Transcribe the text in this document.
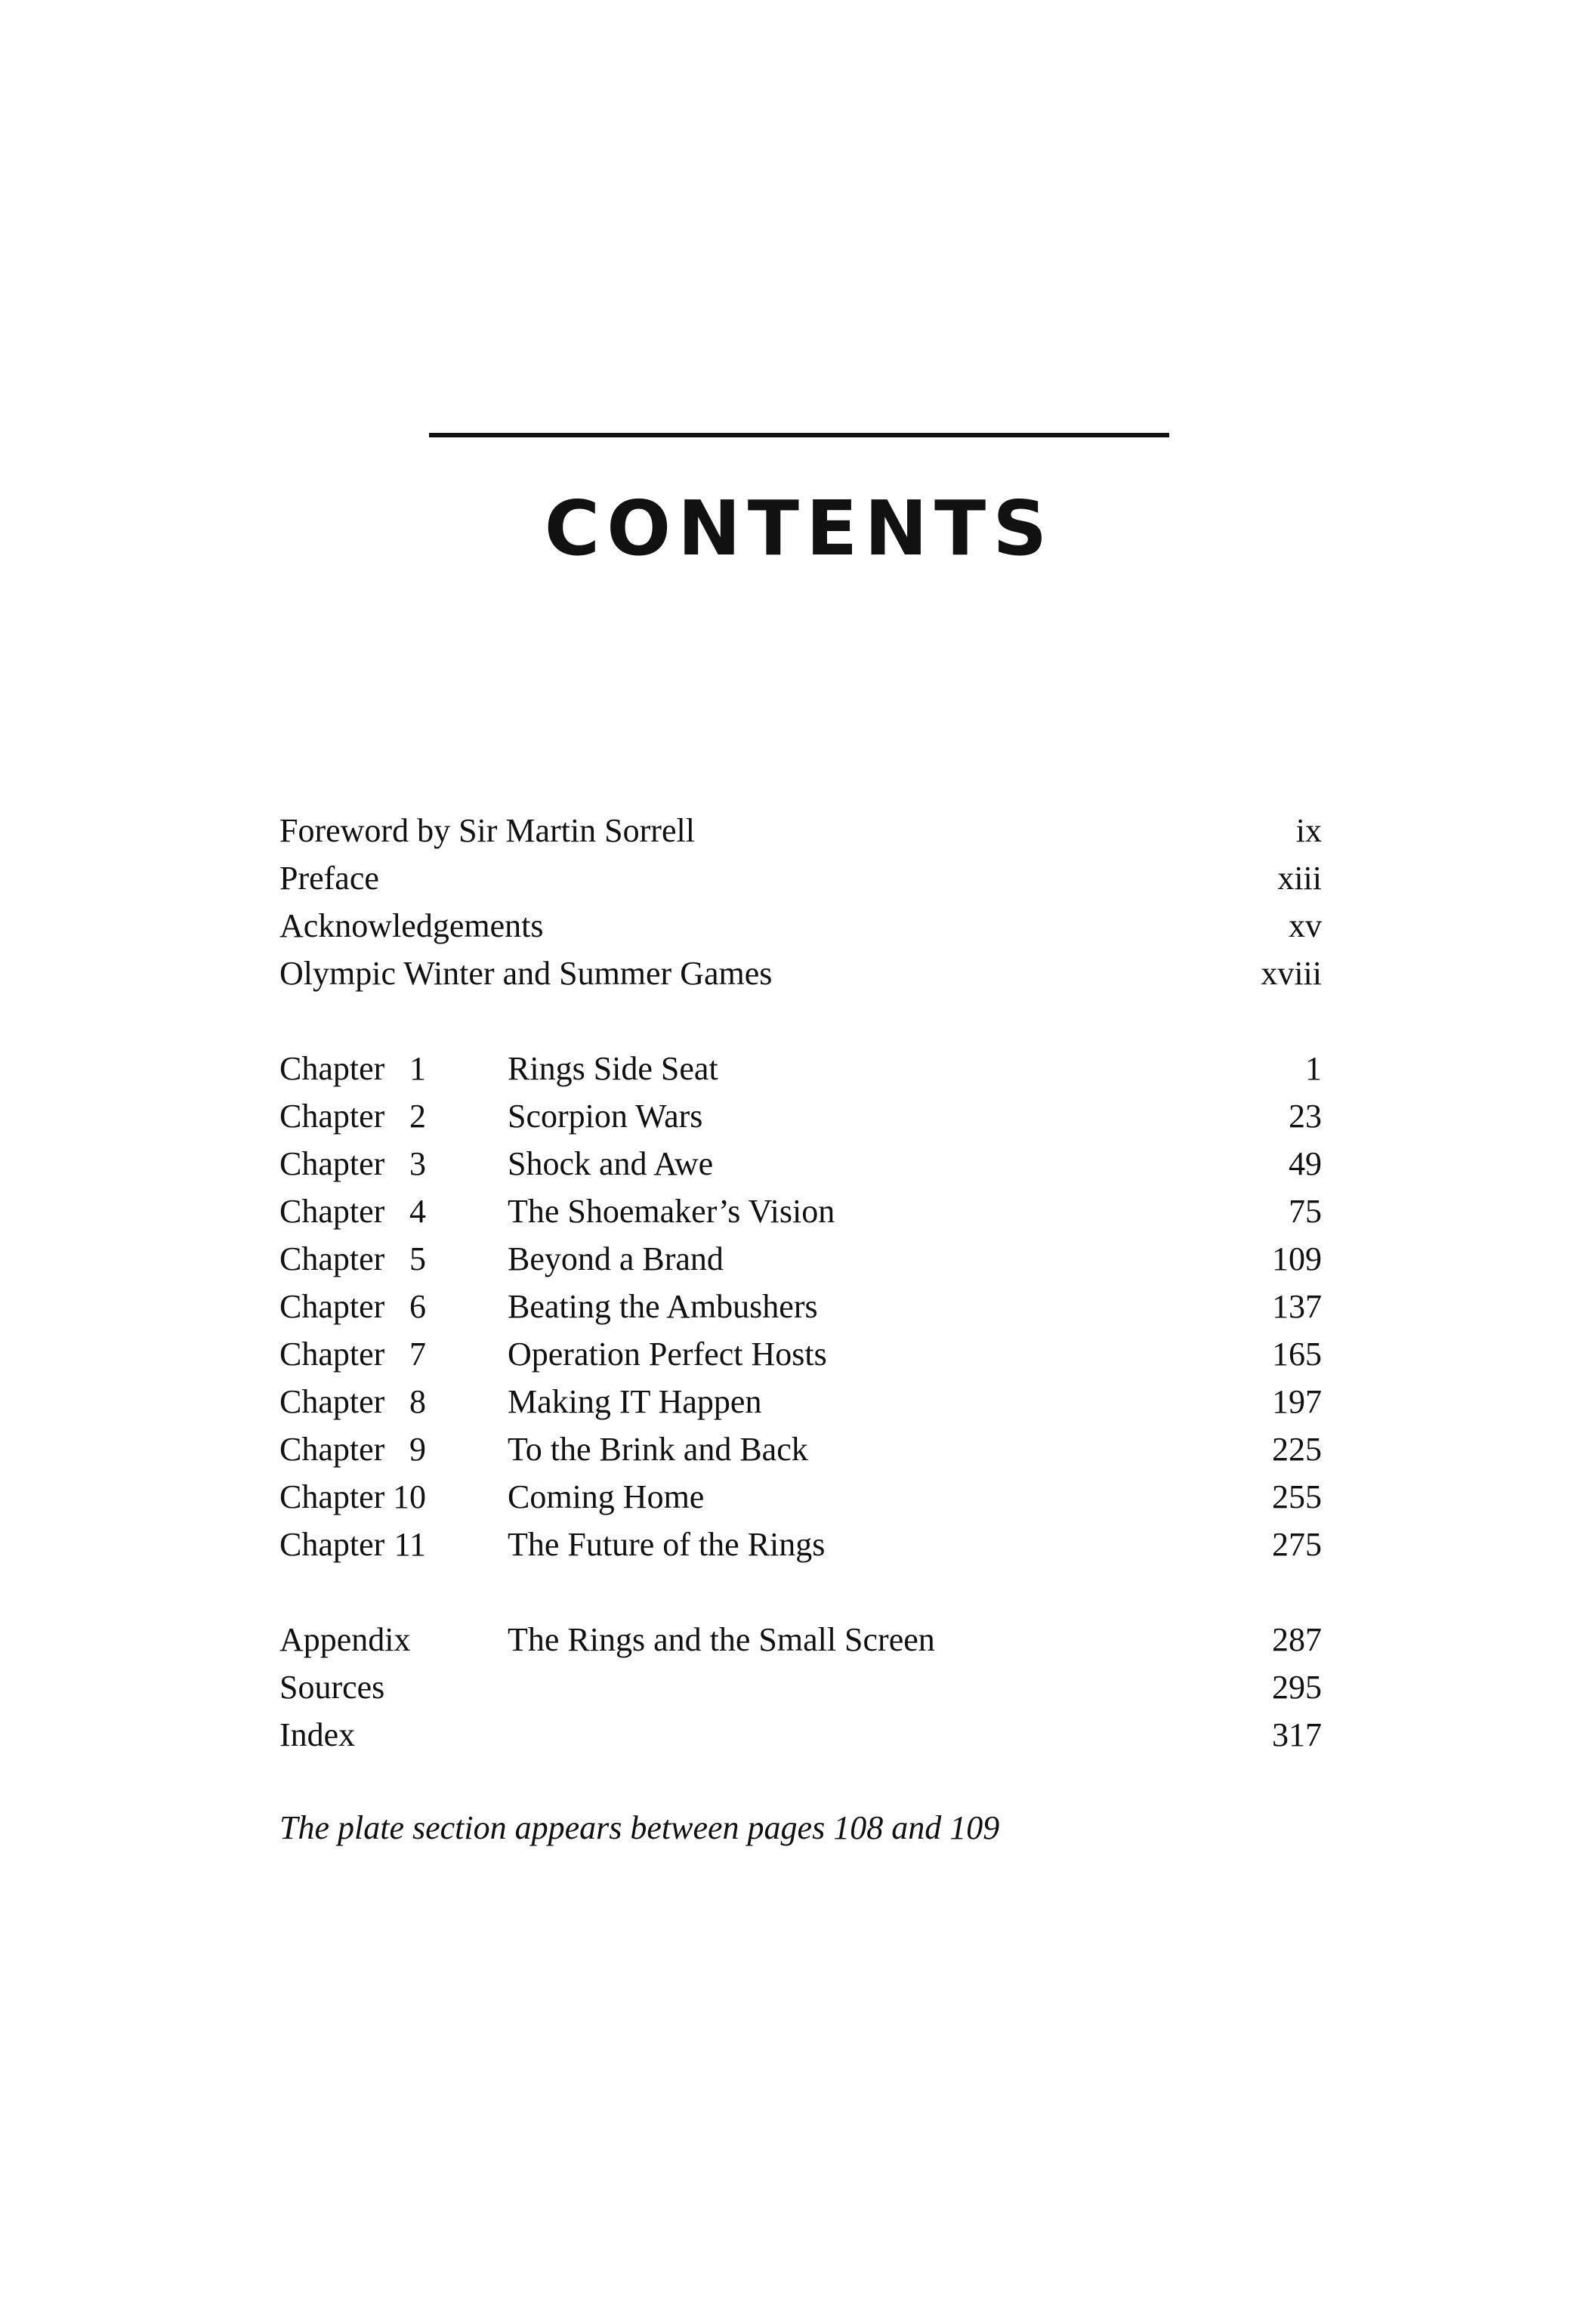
CONTENTS
Foreword by Sir Martin Sorrell	ix
Preface	xiii
Acknowledgements	xv
Olympic Winter and Summer Games	xviii
Chapter 1 Rings Side Seat	1
Chapter 2 Scorpion Wars	23
Chapter 3 Shock and Awe	49
Chapter 4 The Shoemaker’s Vision	75
Chapter 5 Beyond a Brand	109
Chapter 6 Beating the Ambushers	137
Chapter 7 Operation Perfect Hosts	165
Chapter 8 Making IT Happen	197
Chapter 9 To the Brink and Back	225
Chapter 10 Coming Home	255
Chapter 11 The Future of the Rings	275
Appendix	The Rings and the Small Screen	287
Sources	295
Index	317
The plate section appears between pages 108 and 109
